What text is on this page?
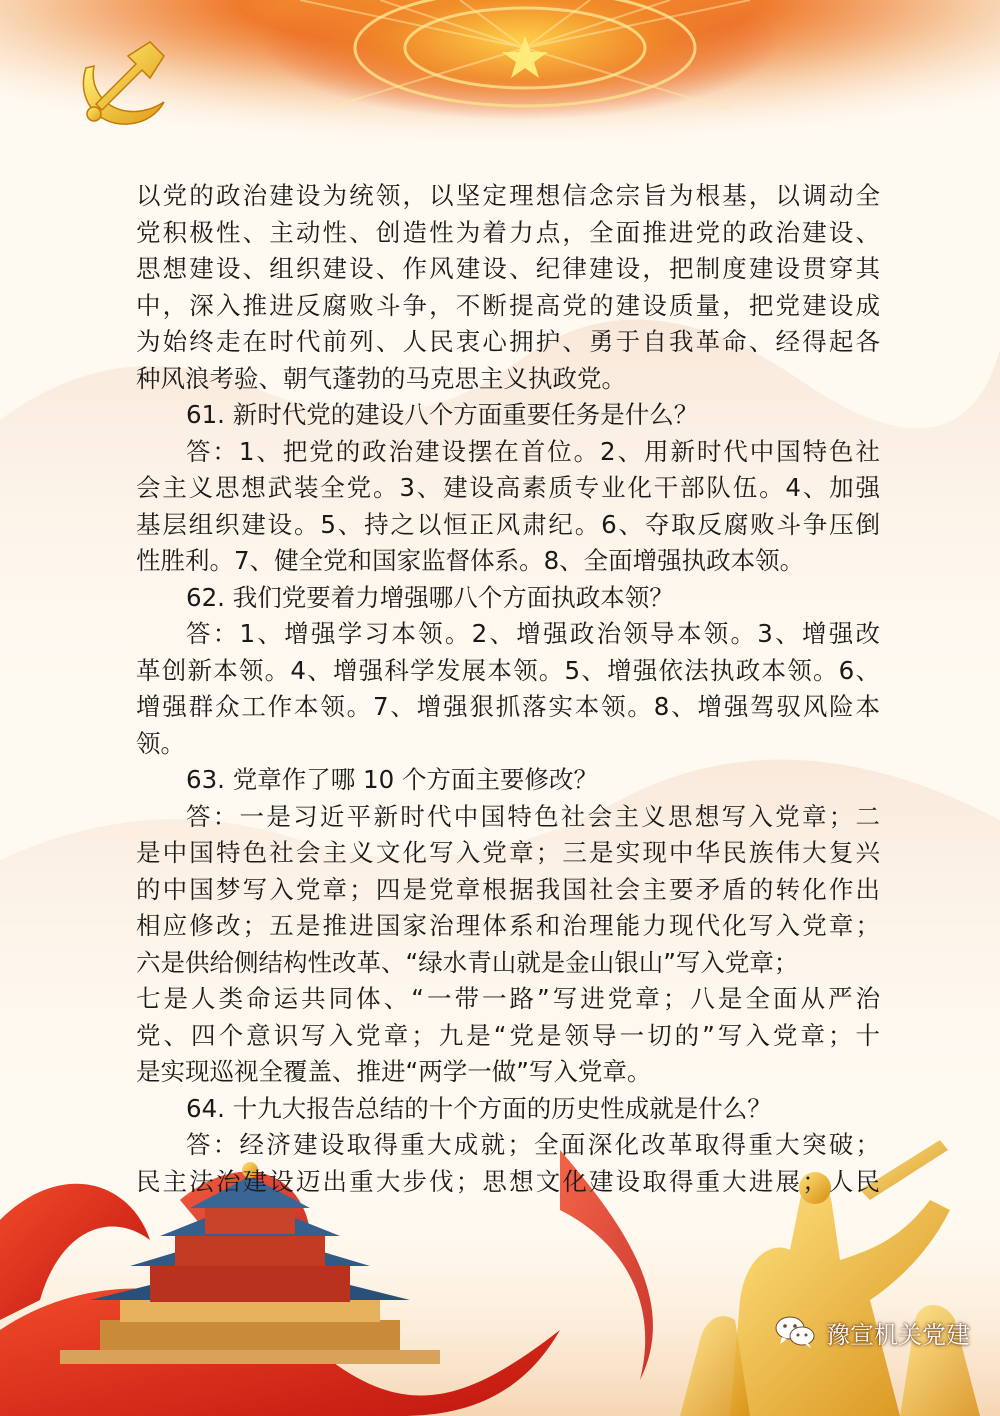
以党的政治建设为统领，以坚定理想信念宗旨为根基，以调动全
党积极性、主动性、创造性为着力点，全面推进党的政治建设、
思想建设、组织建设、作风建设、纪律建设，把制度建设贯穿其
中，深入推进反腐败斗争，不断提高党的建设质量，把党建设成
为始终走在时代前列、人民衷心拥护、勇于自我革命、经得起各
种风浪考验、朝气蓬勃的马克思主义执政党。
61. 新时代党的建设八个方面重要任务是什么？
答：1、把党的政治建设摆在首位。2、用新时代中国特色社
会主义思想武装全党。3、建设高素质专业化干部队伍。4、加强
基层组织建设。5、持之以恒正风肃纪。6、夺取反腐败斗争压倒
性胜利。7、健全党和国家监督体系。8、全面增强执政本领。
62. 我们党要着力增强哪八个方面执政本领？
答：1、增强学习本领。2、增强政治领导本领。3、增强改
革创新本领。4、增强科学发展本领。5、增强依法执政本领。6、
增强群众工作本领。7、增强狠抓落实本领。8、增强驾驭风险本
领。
63. 党章作了哪 10 个方面主要修改？
答：一是习近平新时代中国特色社会主义思想写入党章；二
是中国特色社会主义文化写入党章；三是实现中华民族伟大复兴
的中国梦写入党章；四是党章根据我国社会主要矛盾的转化作出
相应修改；五是推进国家治理体系和治理能力现代化写入党章；
六是供给侧结构性改革、“绿水青山就是金山银山”写入党章；
七是人类命运共同体、“一带一路”写进党章；八是全面从严治
党、四个意识写入党章；九是“党是领导一切的”写入党章；十
是实现巡视全覆盖、推进“两学一做”写入党章。
64. 十九大报告总结的十个方面的历史性成就是什么？
答：经济建设取得重大成就；全面深化改革取得重大突破；
民主法治建设迈出重大步伐；思想文化建设取得重大进展；人民
豫宣机关党建
